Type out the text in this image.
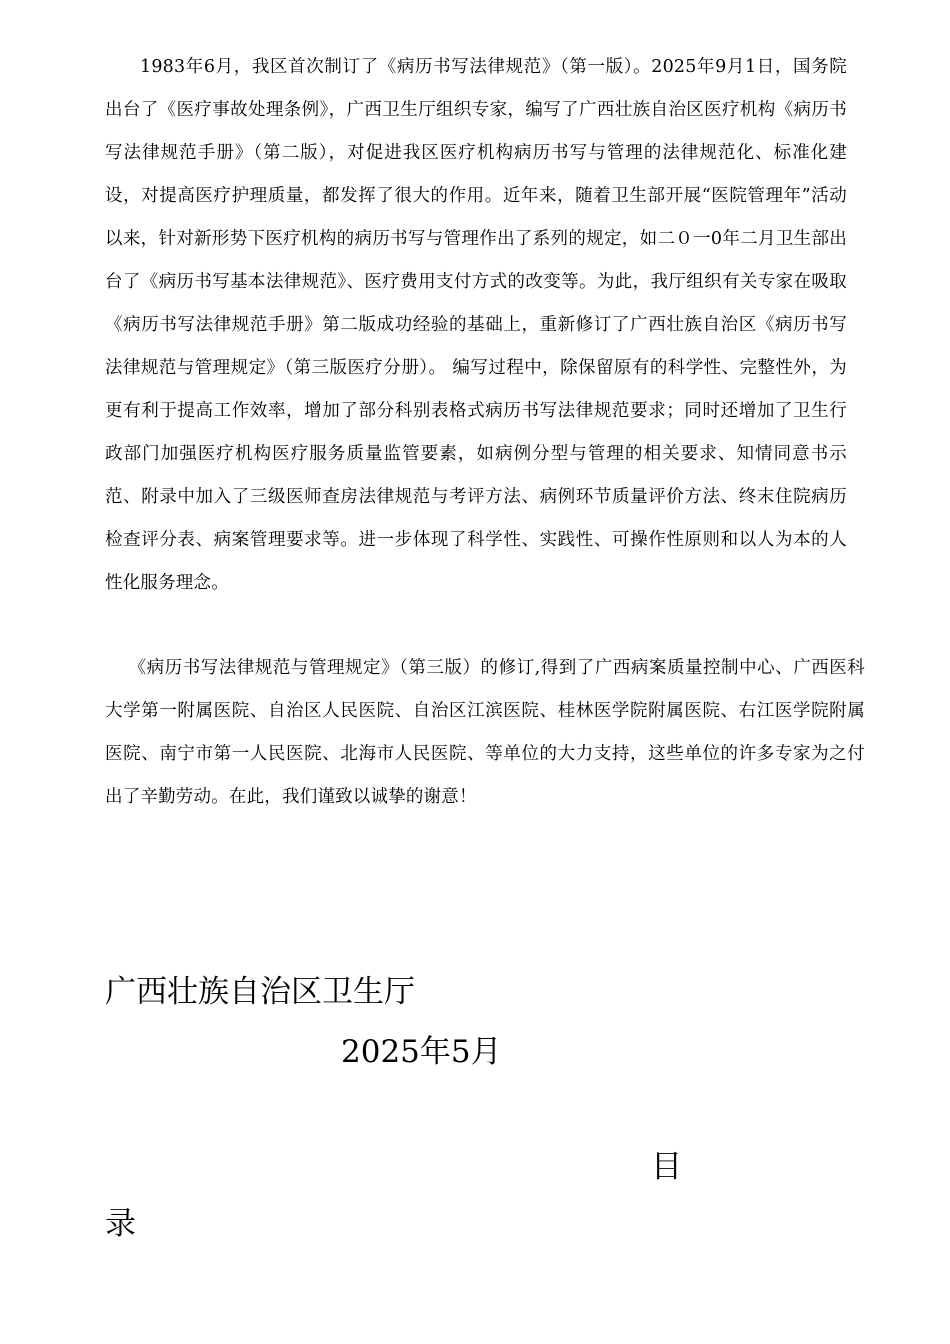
1983年6月，我区首次制订了《病历书写法律规范》（第一版）。2025年9月1日，国务院出台了《医疗事故处理条例》，广西卫生厅组织专家，编写了广西壮族自治区医疗机构《病历书写法律规范手册》（第二版），对促进我区医疗机构病历书写与管理的法律规范化、标准化建设，对提高医疗护理质量，都发挥了很大的作用。近年来，随着卫生部开展“医院管理年”活动以来，针对新形势下医疗机构的病历书写与管理作出了系列的规定，如二０一0年二月卫生部出台了《病历书写基本法律规范》、医疗费用支付方式的改变等。为此，我厅组织有关专家在吸取《病历书写法律规范手册》第二版成功经验的基础上，重新修订了广西壮族自治区《病历书写法律规范与管理规定》（第三版医疗分册）。 编写过程中，除保留原有的科学性、完整性外，为更有利于提高工作效率，增加了部分科别表格式病历书写法律规范要求；同时还增加了卫生行政部门加强医疗机构医疗服务质量监管要素，如病例分型与管理的相关要求、知情同意书示范、附录中加入了三级医师查房法律规范与考评方法、病例环节质量评价方法、终末住院病历检查评分表、病案管理要求等。进一步体现了科学性、实践性、可操作性原则和以人为本的人性化服务理念。

《病历书写法律规范与管理规定》（第三版）的修订,得到了广西病案质量控制中心、广西医科大学第一附属医院、自治区人民医院、自治区江滨医院、桂林医学院附属医院、右江医学院附属医院、南宁市第一人民医院、北海市人民医院、等单位的大力支持，这些单位的许多专家为之付出了辛勤劳动。在此，我们谨致以诚挚的谢意！

广西壮族自治区卫生厅

2025年5月

目

录
